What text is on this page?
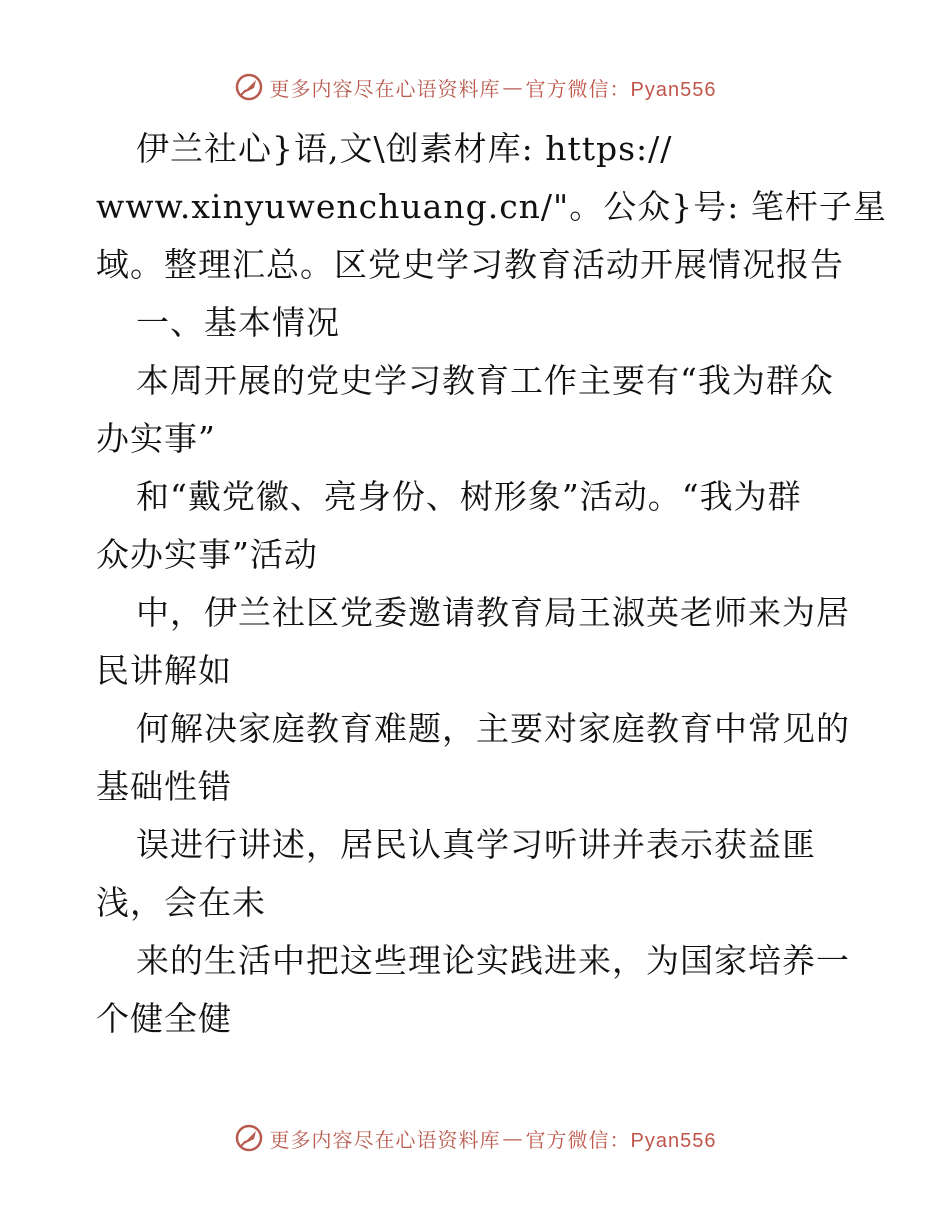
更多内容尽在心语资料库 — 官方微信：Pyan556
伊兰社心}语,文\创素材库: https://
www.xinyuwenchuang.cn/"。公众}号: 笔杆子星
域。整理汇总。区党史学习教育活动开展情况报告
一、基本情况
本周开展的党史学习教育工作主要有“我为群众
办实事”
和“戴党徽、亮身份、树形象”活动。“我为群
众办实事”活动
中，伊兰社区党委邀请教育局王淑英老师来为居
民讲解如
何解决家庭教育难题，主要对家庭教育中常见的
基础性错
误进行讲述，居民认真学习听讲并表示获益匪
浅，会在未
来的生活中把这些理论实践进来，为国家培养一
个健全健
更多内容尽在心语资料库 — 官方微信：Pyan556
